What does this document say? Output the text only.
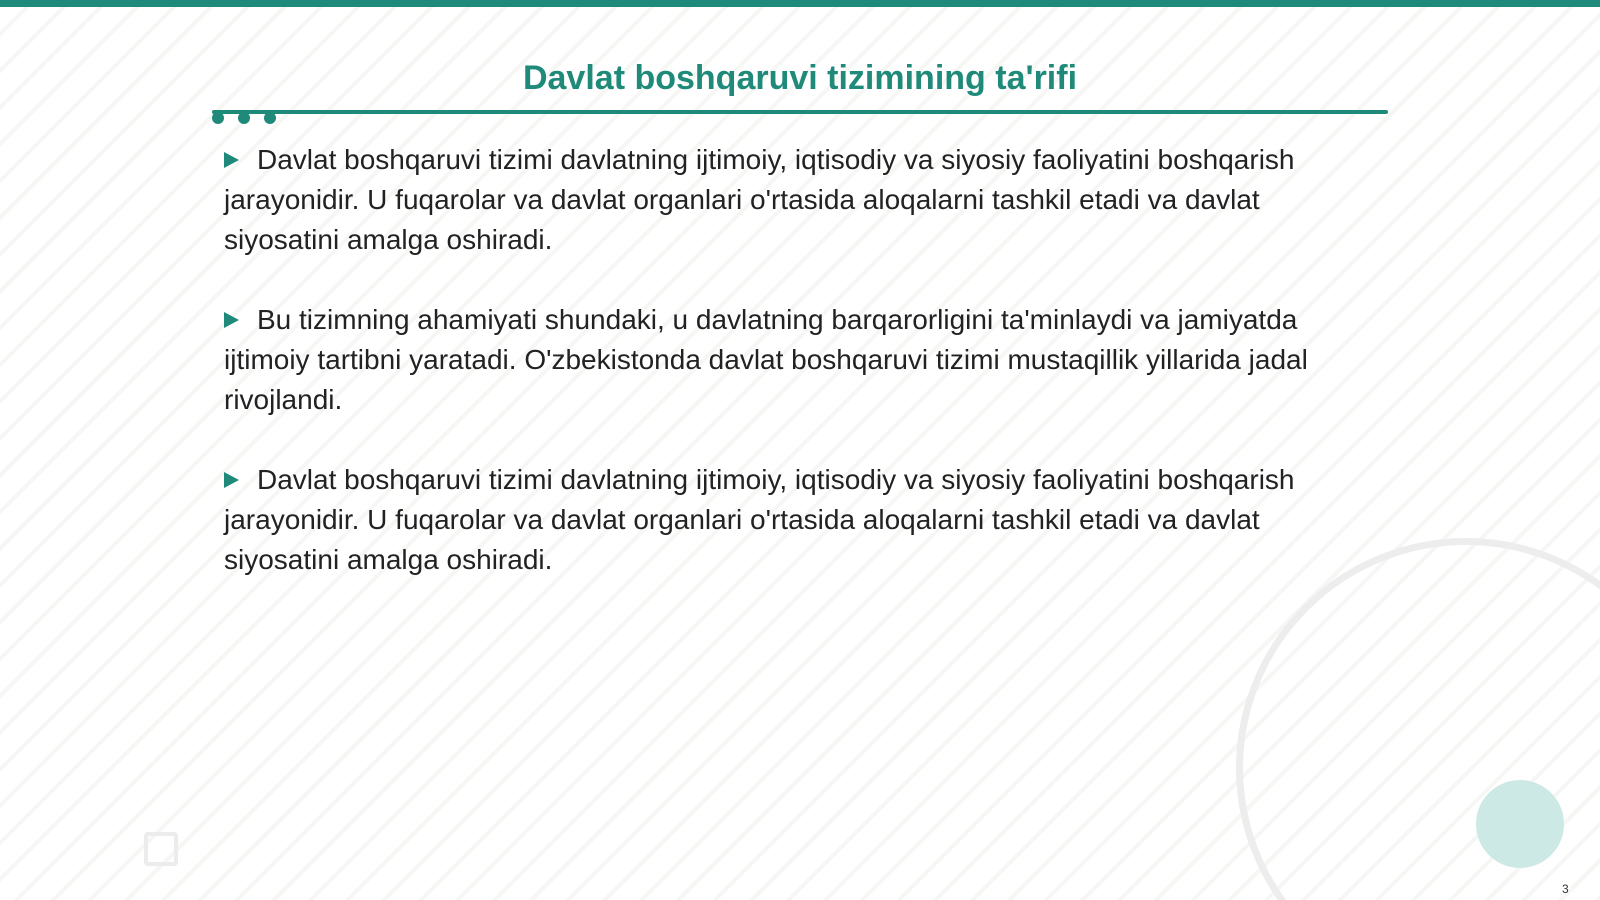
Davlat boshqaruvi tizimining ta'rifi

Davlat boshqaruvi tizimi davlatning ijtimoiy, iqtisodiy va siyosiy faoliyatini boshqarish jarayonidir. U fuqarolar va davlat organlari o'rtasida aloqalarni tashkil etadi va davlat siyosatini amalga oshiradi.

Bu tizimning ahamiyati shundaki, u davlatning barqarorligini ta'minlaydi va jamiyatda ijtimoiy tartibni yaratadi. O'zbekistonda davlat boshqaruvi tizimi mustaqillik yillarida jadal rivojlandi.

Davlat boshqaruvi tizimi davlatning ijtimoiy, iqtisodiy va siyosiy faoliyatini boshqarish jarayonidir. U fuqarolar va davlat organlari o'rtasida aloqalarni tashkil etadi va davlat siyosatini amalga oshiradi.

3
